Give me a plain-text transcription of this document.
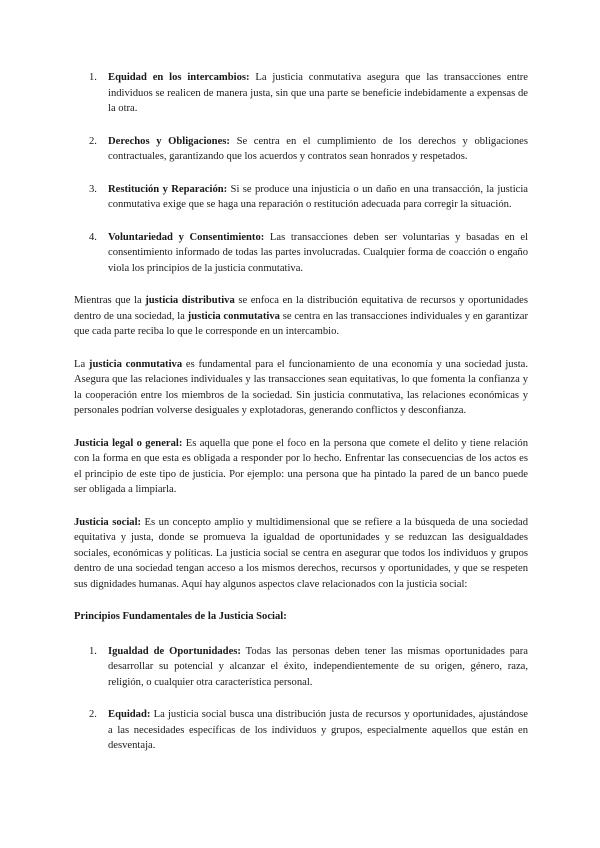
1. Equidad en los intercambios: La justicia conmutativa asegura que las transacciones entre individuos se realicen de manera justa, sin que una parte se beneficie indebidamente a expensas de la otra.
2. Derechos y Obligaciones: Se centra en el cumplimiento de los derechos y obligaciones contractuales, garantizando que los acuerdos y contratos sean honrados y respetados.
3. Restitución y Reparación: Si se produce una injusticia o un daño en una transacción, la justicia conmutativa exige que se haga una reparación o restitución adecuada para corregir la situación.
4. Voluntariedad y Consentimiento: Las transacciones deben ser voluntarias y basadas en el consentimiento informado de todas las partes involucradas. Cualquier forma de coacción o engaño viola los principios de la justicia conmutativa.

Mientras que la justicia distributiva se enfoca en la distribución equitativa de recursos y oportunidades dentro de una sociedad, la justicia conmutativa se centra en las transacciones individuales y en garantizar que cada parte reciba lo que le corresponde en un intercambio.

La justicia conmutativa es fundamental para el funcionamiento de una economía y una sociedad justa. Asegura que las relaciones individuales y las transacciones sean equitativas, lo que fomenta la confianza y la cooperación entre los miembros de la sociedad. Sin justicia conmutativa, las relaciones económicas y personales podrían volverse desiguales y explotadoras, generando conflictos y desconfianza.

Justicia legal o general: Es aquella que pone el foco en la persona que comete el delito y tiene relación con la forma en que esta es obligada a responder por lo hecho. Enfrentar las consecuencias de los actos es el principio de este tipo de justicia. Por ejemplo: una persona que ha pintado la pared de un banco puede ser obligada a limpiarla.

Justicia social: Es un concepto amplio y multidimensional que se refiere a la búsqueda de una sociedad equitativa y justa, donde se promueva la igualdad de oportunidades y se reduzcan las desigualdades sociales, económicas y políticas. La justicia social se centra en asegurar que todos los individuos y grupos dentro de una sociedad tengan acceso a los mismos derechos, recursos y oportunidades, y que se respeten sus dignidades humanas. Aquí hay algunos aspectos clave relacionados con la justicia social:

Principios Fundamentales de la Justicia Social:

1. Igualdad de Oportunidades: Todas las personas deben tener las mismas oportunidades para desarrollar su potencial y alcanzar el éxito, independientemente de su origen, género, raza, religión, o cualquier otra característica personal.
2. Equidad: La justicia social busca una distribución justa de recursos y oportunidades, ajustándose a las necesidades específicas de los individuos y grupos, especialmente aquellos que están en desventaja.
